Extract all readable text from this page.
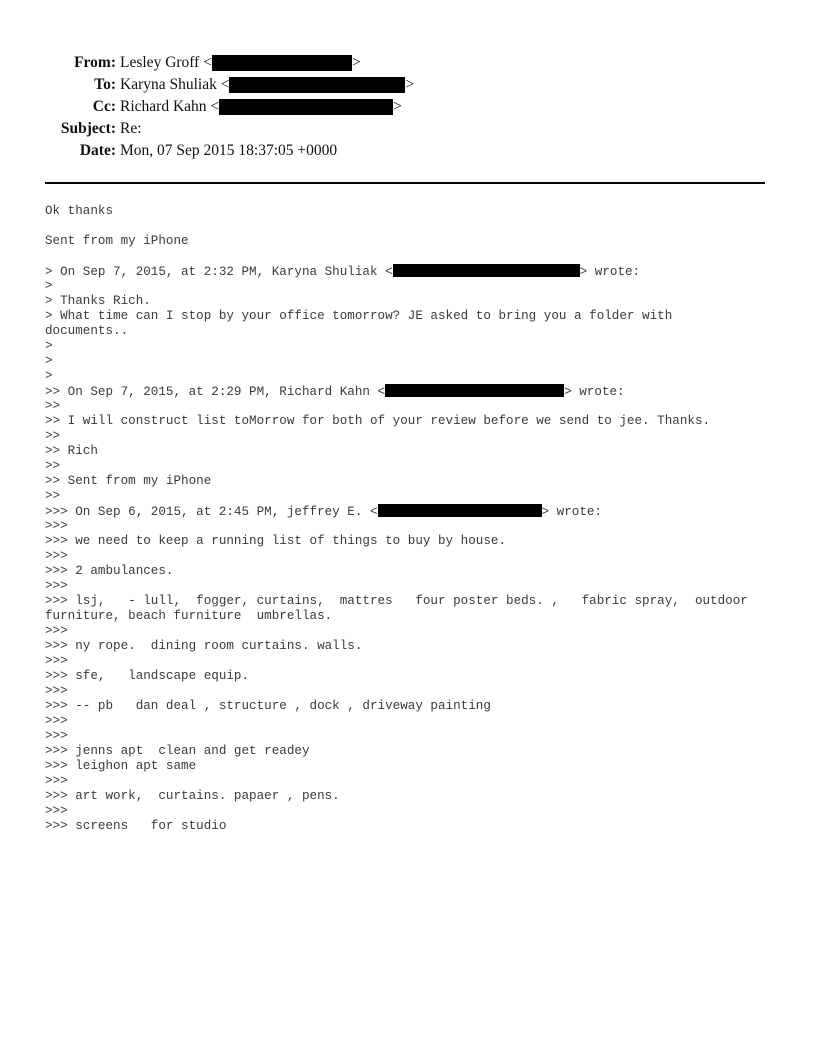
From: Lesley Groff <	>
To: Karyna Shuliak <	>
Cc: Richard Kahn <	>
Subject: Re:
Date: Mon, 07 Sep 2015 18:37:05 +0000
Ok thanks
Sent from my iPhone
> On Sep 7, 2015, at 2:32 PM, Karyna Shuliak <	> wrote:
>
> Thanks Rich.
> What time can I stop by your office tomorrow? JE asked to bring you a folder with
documents..
>
>
>
>> On Sep 7, 2015, at 2:29 PM, Richard Kahn <	> wrote:
>>
>> I will construct list toMorrow for both of your review before we send to jee. Thanks.
>>
>> Rich
>>
>> Sent from my iPhone
>>
>>> On Sep 6, 2015, at 2:45 PM, jeffrey E. <	> wrote:
>>>
>>> we need to keep a running list of things to buy by house.
>>>
>>> 2 ambulances.
>>>
>>> lsj,   - lull,  fogger, curtains,  mattres   four poster beds. ,   fabric spray,  outdoor
furniture, beach furniture  umbrellas.
>>>
>>> ny rope.  dining room curtains. walls.
>>>
>>> sfe,   landscape equip.
>>>
>>> -- pb   dan deal , structure , dock , driveway painting
>>>
>>>
>>> jenns apt  clean and get readey
>>> leighon apt same
>>>
>>> art work,  curtains. papaer , pens.
>>>
>>> screens   for studio
